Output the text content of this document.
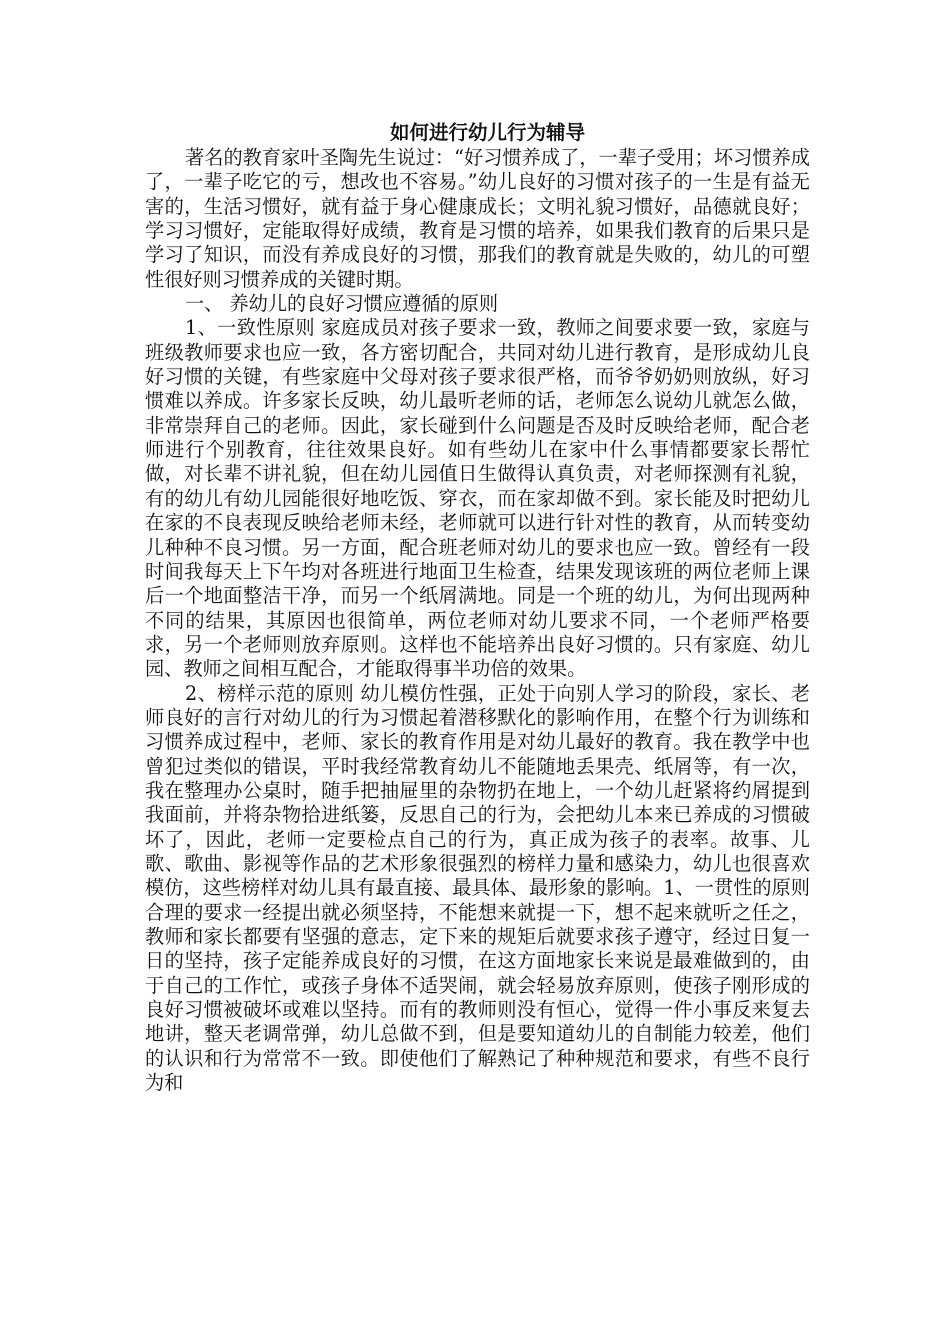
如何进行幼儿行为辅导

著名的教育家叶圣陶先生说过：“好习惯养成了，一辈子受用；坏习惯养成了，一辈子吃它的亏，想改也不容易。”幼儿良好的习惯对孩子的一生是有益无害的，生活习惯好，就有益于身心健康成长；文明礼貌习惯好，品德就良好；学习习惯好，定能取得好成绩，教育是习惯的培养，如果我们教育的后果只是学习了知识，而没有养成良好的习惯，那我们的教育就是失败的，幼儿的可塑性很好则习惯养成的关键时期。

一、 养幼儿的良好习惯应遵循的原则

1、一致性原则 家庭成员对孩子要求一致，教师之间要求要一致，家庭与班级教师要求也应一致，各方密切配合，共同对幼儿进行教育，是形成幼儿良好习惯的关键，有些家庭中父母对孩子要求很严格，而爷爷奶奶则放纵，好习惯难以养成。许多家长反映，幼儿最听老师的话，老师怎么说幼儿就怎么做，非常崇拜自己的老师。因此，家长碰到什么问题是否及时反映给老师，配合老师进行个别教育，往往效果良好。如有些幼儿在家中什么事情都要家长帮忙做，对长辈不讲礼貌，但在幼儿园值日生做得认真负责，对老师探测有礼貌，有的幼儿有幼儿园能很好地吃饭、穿衣，而在家却做不到。家长能及时把幼儿在家的不良表现反映给老师未经，老师就可以进行针对性的教育，从而转变幼儿种种不良习惯。另一方面，配合班老师对幼儿的要求也应一致。曾经有一段时间我每天上下午均对各班进行地面卫生检查，结果发现该班的两位老师上课后一个地面整洁干净，而另一个纸屑满地。同是一个班的幼儿，为何出现两种不同的结果，其原因也很简单，两位老师对幼儿要求不同，一个老师严格要求，另一个老师则放弃原则。这样也不能培养出良好习惯的。只有家庭、幼儿园、教师之间相互配合，才能取得事半功倍的效果。

2、榜样示范的原则 幼儿模仿性强，正处于向别人学习的阶段，家长、老师良好的言行对幼儿的行为习惯起着潜移默化的影响作用，在整个行为训练和习惯养成过程中，老师、家长的教育作用是对幼儿最好的教育。我在教学中也曾犯过类似的错误，平时我经常教育幼儿不能随地丢果壳、纸屑等，有一次，我在整理办公桌时，随手把抽屉里的杂物扔在地上，一个幼儿赶紧将约屑提到我面前，并将杂物拾进纸篓，反思自己的行为，会把幼儿本来已养成的习惯破坏了，因此，老师一定要检点自己的行为，真正成为孩子的表率。故事、儿歌、歌曲、影视等作品的艺术形象很强烈的榜样力量和感染力，幼儿也很喜欢模仿，这些榜样对幼儿具有最直接、最具体、最形象的影响。1、一贯性的原则 合理的要求一经提出就必须坚持，不能想来就提一下，想不起来就听之任之，教师和家长都要有坚强的意志，定下来的规矩后就要求孩子遵守，经过日复一日的坚持，孩子定能养成良好的习惯，在这方面地家长来说是最难做到的，由于自己的工作忙，或孩子身体不适哭闹，就会轻易放弃原则，使孩子刚形成的良好习惯被破坏或难以坚持。而有的教师则没有恒心，觉得一件小事反来复去地讲，整天老调常弹，幼儿总做不到，但是要知道幼儿的自制能力较差，他们的认识和行为常常不一致。即使他们了解熟记了种种规范和要求，有些不良行为和
